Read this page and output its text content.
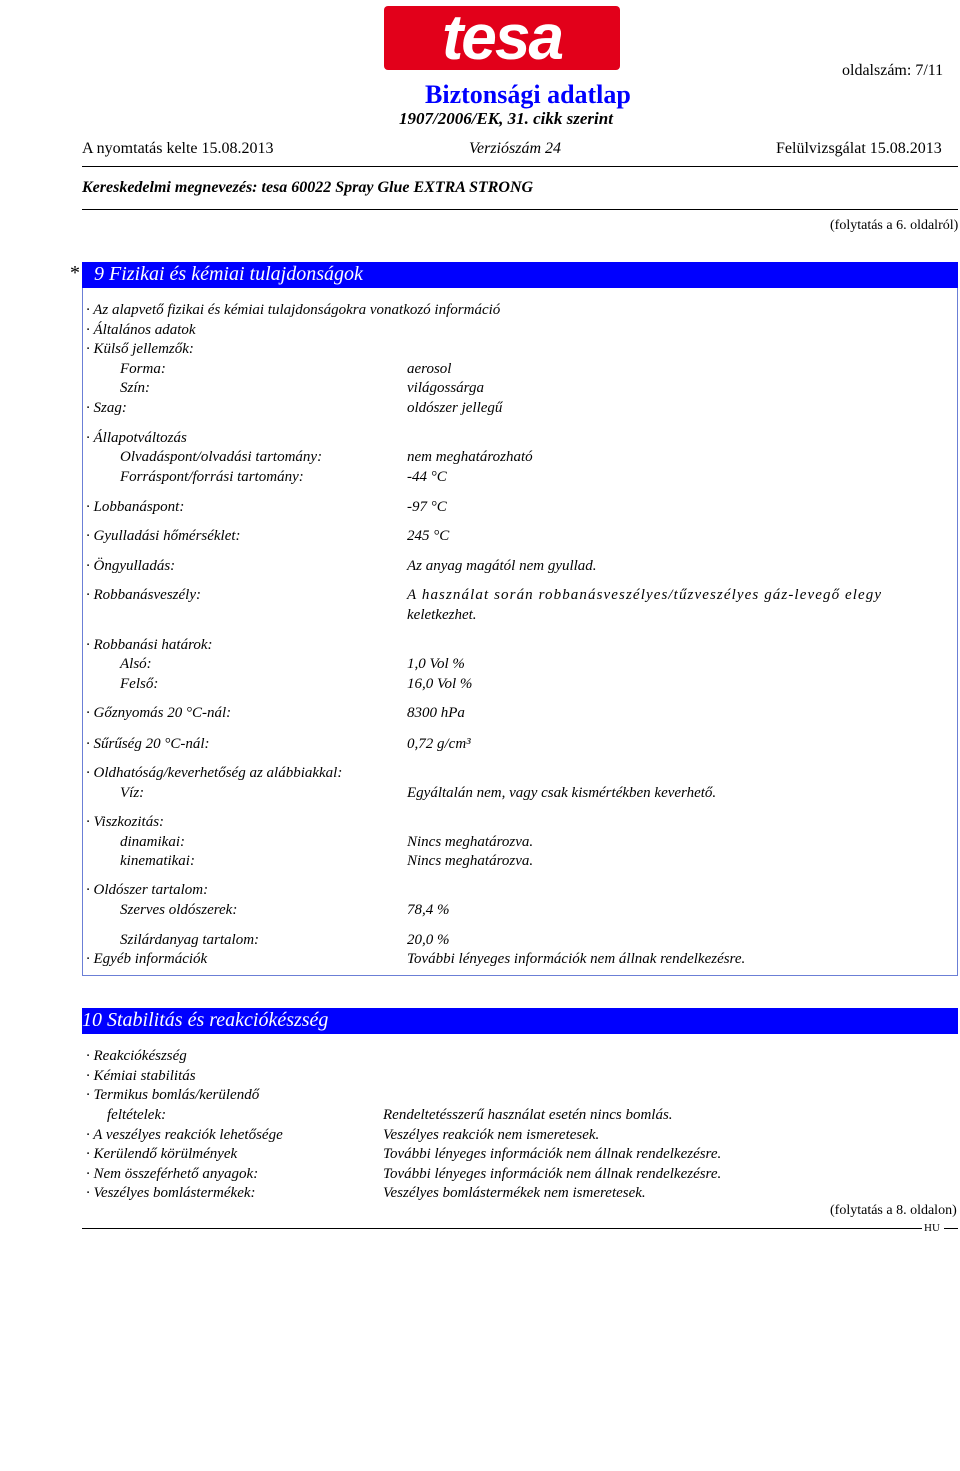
tesa	oldalszám: 7/11
Biztonsági adatlap
1907/2006/EK, 31. cikk szerint
A nyomtatás kelte 15.08.2013	Verziószám 24	Felülvizsgálat 15.08.2013
Kereskedelmi megnevezés: tesa 60022 Spray Glue EXTRA STRONG
(folytatás a 6. oldalról)
* 9 Fizikai és kémiai tulajdonságok
· Az alapvető fizikai és kémiai tulajdonságokra vonatkozó információ
· Általános adatok
· Külső jellemzők:
Forma:	aerosol
Szín:	világossárga
· Szag:	oldószer jellegű
· Állapotváltozás
Olvadáspont/olvadási tartomány:	nem meghatározható
Forráspont/forrási tartomány:	-44 °C
· Lobbanáspont:	-97 °C
· Gyulladási hőmérséklet:	245 °C
· Öngyulladás:	Az anyag magától nem gyullad.
· Robbanásveszély:	A használat során robbanásveszélyes/tűzveszélyes gáz-levegő elegy
keletkezhet.
· Robbanási határok:
Alsó:	1,0 Vol %
Felső:	16,0 Vol %
· Gőznyomás 20 °C-nál:	8300 hPa
· Sűrűség 20 °C-nál:	0,72 g/cm³
· Oldhatóság/keverhetőség az alábbiakkal:
Víz:	Egyáltalán nem, vagy csak kismértékben keverhető.
· Viszkozitás:
dinamikai:	Nincs meghatározva.
kinematikai:	Nincs meghatározva.
· Oldószer tartalom:
Szerves oldószerek:	78,4 %
Szilárdanyag tartalom:	20,0 %
· Egyéb információk	További lényeges információk nem állnak rendelkezésre.
10 Stabilitás és reakciókészség
· Reakciókészség
· Kémiai stabilitás
· Termikus bomlás/kerülendő
feltételek:	Rendeltetésszerű használat esetén nincs bomlás.
· A veszélyes reakciók lehetősége	Veszélyes reakciók nem ismeretesek.
· Kerülendő körülmények	További lényeges információk nem állnak rendelkezésre.
· Nem összeférhető anyagok:	További lényeges információk nem állnak rendelkezésre.
· Veszélyes bomlástermékek:	Veszélyes bomlástermékek nem ismeretesek.
(folytatás a 8. oldalon)
HU
